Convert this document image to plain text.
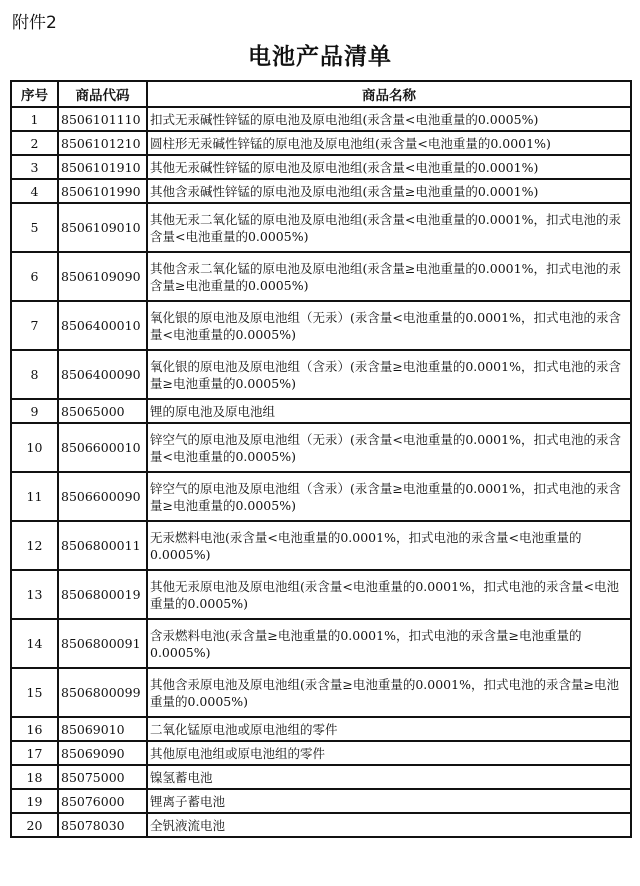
附件2
电池产品清单
序号	商品代码	商品名称
1	8506101110	扣式无汞碱性锌锰的原电池及原电池组(汞含量<电池重量的0.0005%)
2	8506101210	圆柱形无汞碱性锌锰的原电池及原电池组(汞含量<电池重量的0.0001%)
3	8506101910	其他无汞碱性锌锰的原电池及原电池组(汞含量<电池重量的0.0001%)
4	8506101990	其他含汞碱性锌锰的原电池及原电池组(汞含量≥电池重量的0.0001%)
5	8506109010	其他无汞二氧化锰的原电池及原电池组(汞含量<电池重量的0.0001%，扣式电池的汞含量<电池重量的0.0005%)
6	8506109090	其他含汞二氧化锰的原电池及原电池组(汞含量≥电池重量的0.0001%，扣式电池的汞含量≥电池重量的0.0005%)
7	8506400010	氧化银的原电池及原电池组（无汞）(汞含量<电池重量的0.0001%，扣式电池的汞含量<电池重量的0.0005%)
8	8506400090	氧化银的原电池及原电池组（含汞）(汞含量≥电池重量的0.0001%，扣式电池的汞含量≥电池重量的0.0005%)
9	85065000	锂的原电池及原电池组
10	8506600010	锌空气的原电池及原电池组（无汞）(汞含量<电池重量的0.0001%，扣式电池的汞含量<电池重量的0.0005%)
11	8506600090	锌空气的原电池及原电池组（含汞）(汞含量≥电池重量的0.0001%，扣式电池的汞含量≥电池重量的0.0005%)
12	8506800011	无汞燃料电池(汞含量<电池重量的0.0001%，扣式电池的汞含量<电池重量的0.0005%)
13	8506800019	其他无汞原电池及原电池组(汞含量<电池重量的0.0001%，扣式电池的汞含量<电池重量的0.0005%)
14	8506800091	含汞燃料电池(汞含量≥电池重量的0.0001%，扣式电池的汞含量≥电池重量的0.0005%)
15	8506800099	其他含汞原电池及原电池组(汞含量≥电池重量的0.0001%，扣式电池的汞含量≥电池重量的0.0005%)
16	85069010	二氧化锰原电池或原电池组的零件
17	85069090	其他原电池组或原电池组的零件
18	85075000	镍氢蓄电池
19	85076000	锂离子蓄电池
20	85078030	全钒液流电池
